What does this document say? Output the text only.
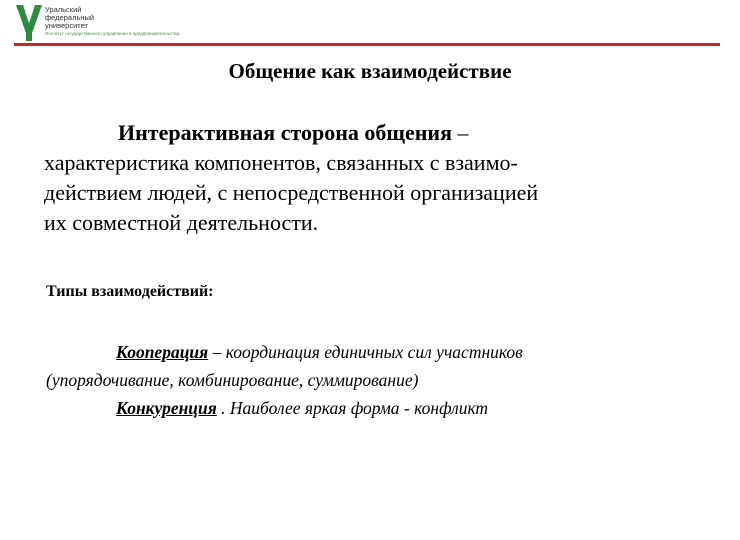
Уральский
федеральный
университет
Институт государственного управления и предпринимательства
Общение как взаимодействие
Интерактивная сторона общения –
характеристика компонентов, связанных с взаимо-
действием людей, с непосредственной организацией
их совместной деятельности.
Типы взаимодействий:
Кооперация – координация единичных сил участников
(упорядочивание, комбинирование, суммирование)
Конкуренция . Наиболее яркая форма - конфликт
